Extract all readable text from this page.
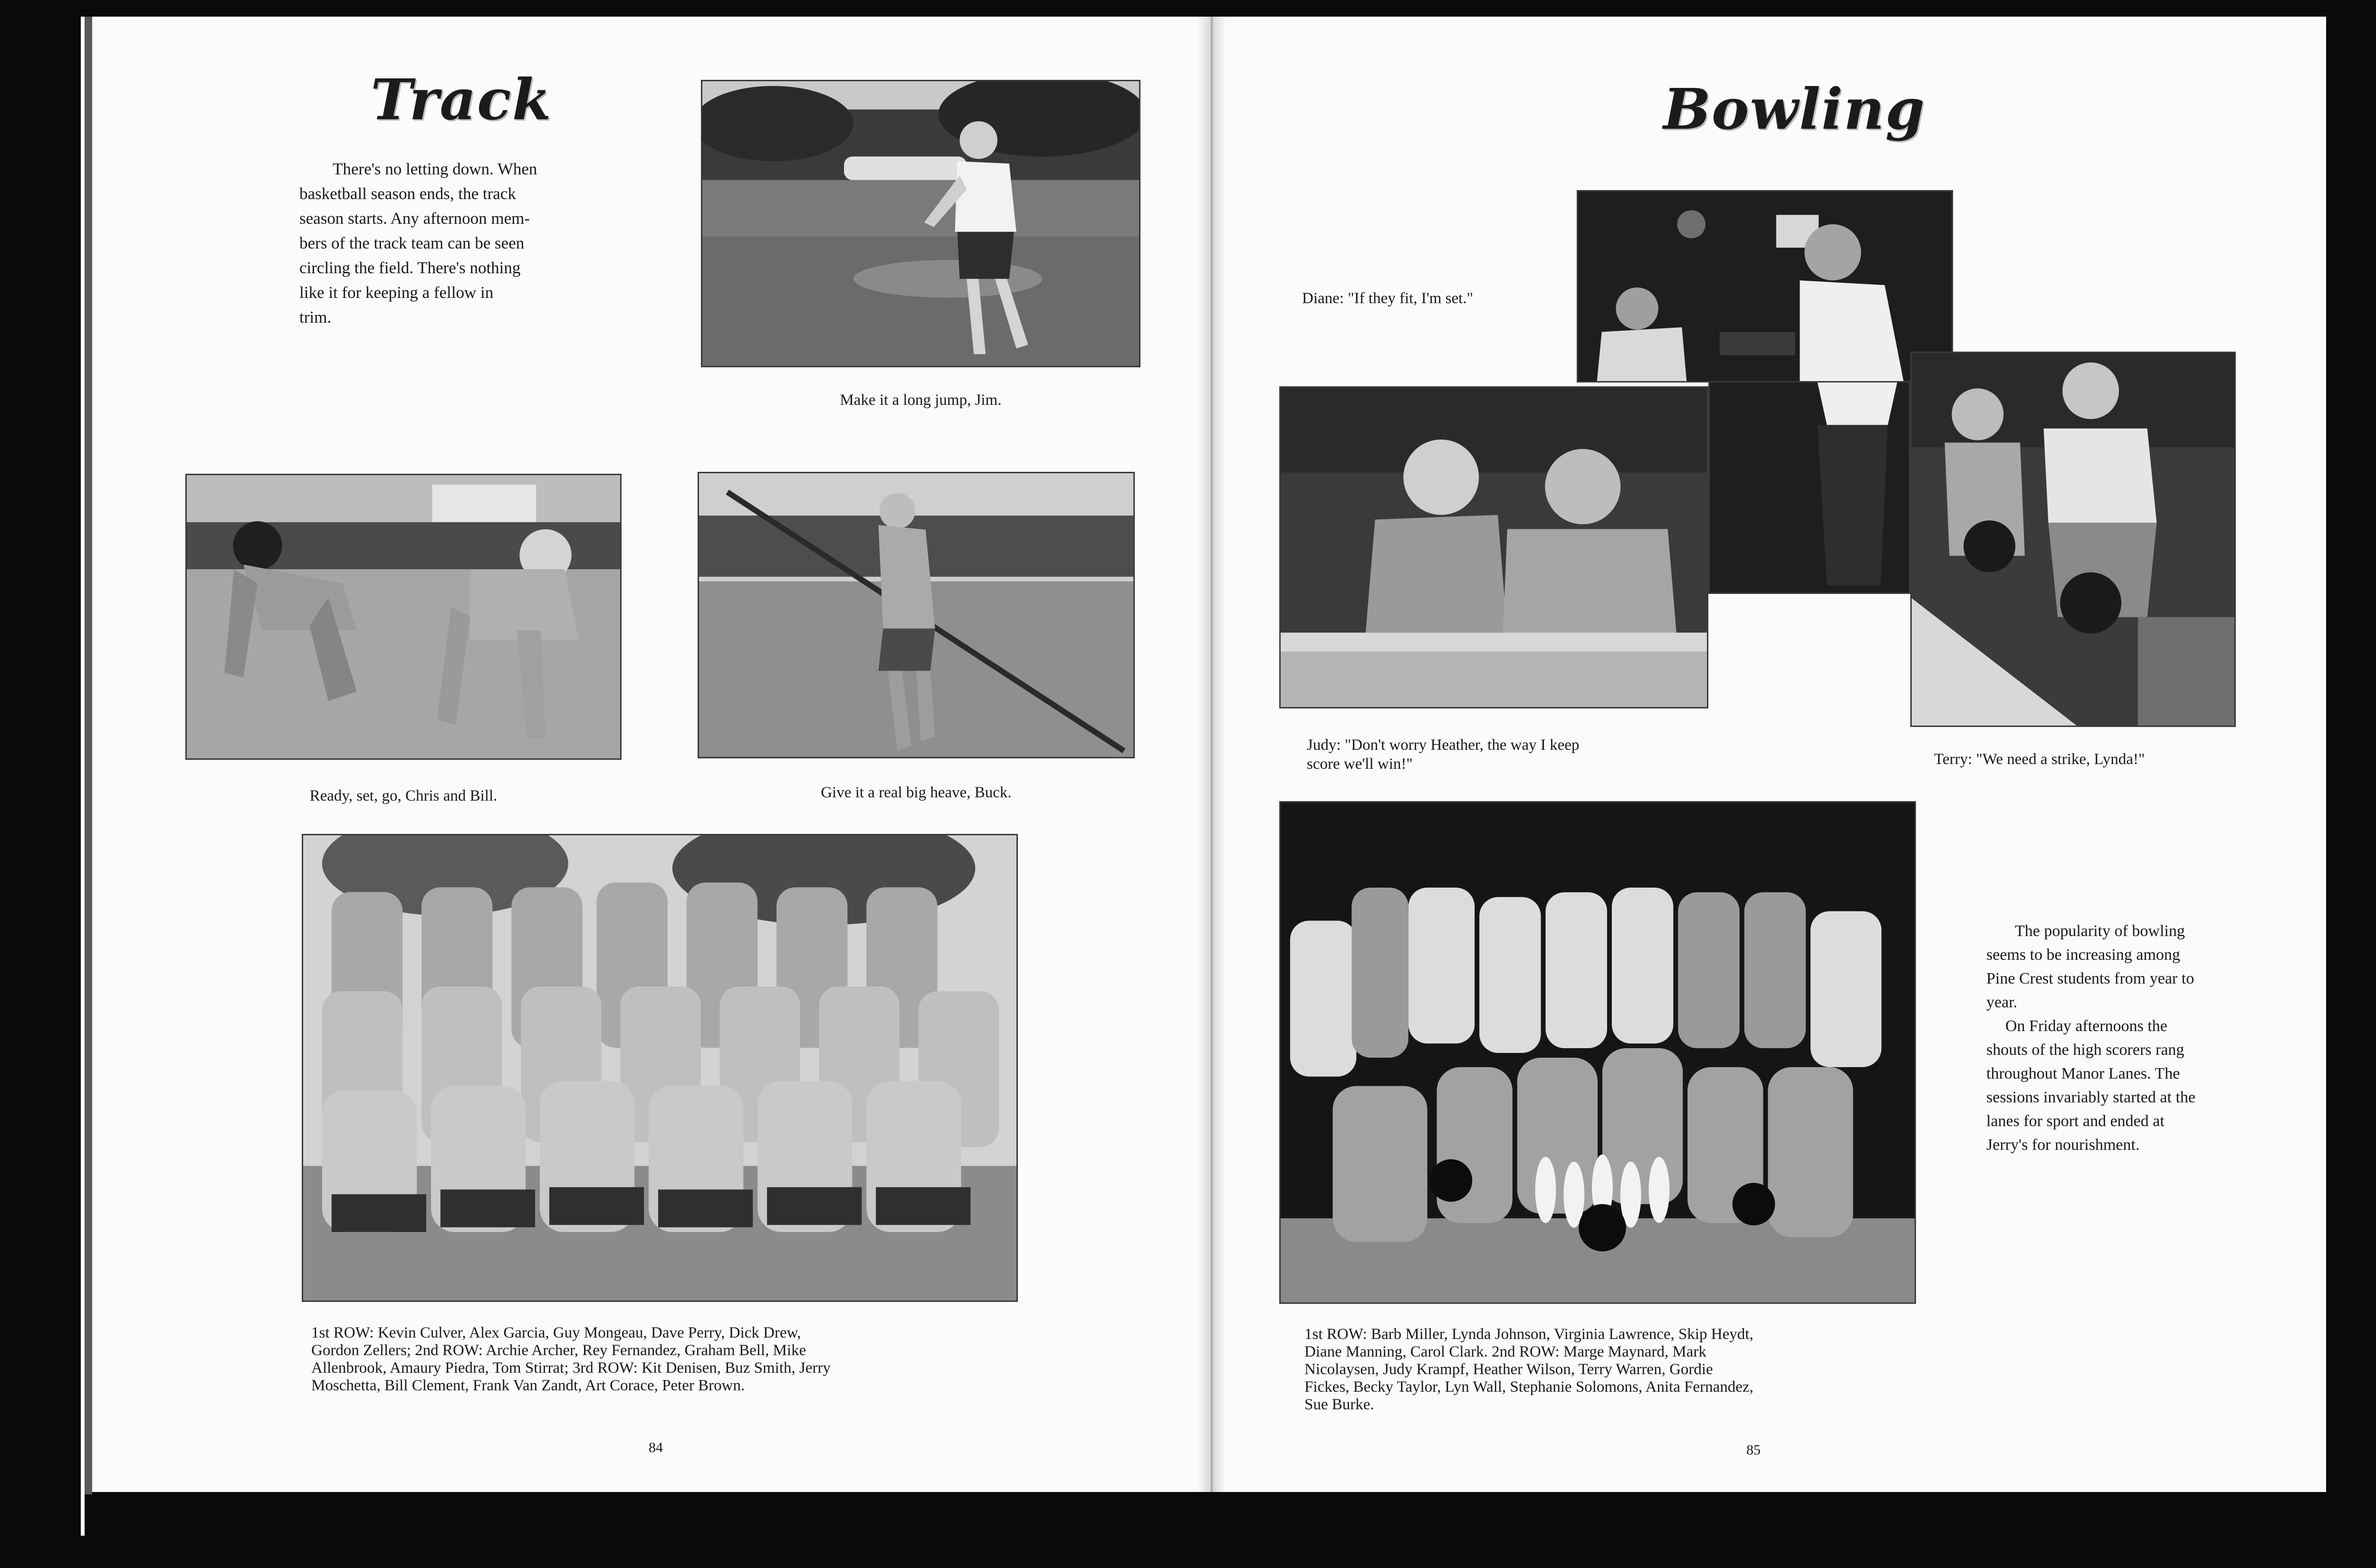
Track
There's no letting down. When
basketball season ends, the track
season starts. Any afternoon mem-
bers of the track team can be seen
circling the field. There's nothing
like it for keeping a fellow in
trim.
Make it a long jump, Jim.
Ready, set, go, Chris and Bill.	Give it a real big heave, Buck.
1st ROW: Kevin Culver, Alex Garcia, Guy Mongeau, Dave Perry, Dick Drew,
Gordon Zellers; 2nd ROW: Archie Archer, Rey Fernandez, Graham Bell, Mike
Allenbrook, Amaury Piedra, Tom Stirrat; 3rd ROW: Kit Denisen, Buz Smith, Jerry
Moschetta, Bill Clement, Frank Van Zandt, Art Corace, Peter Brown.
84
Bowling
Diane: "If they fit, I'm set."
Judy: "Don't worry Heather, the way I keep
score we'll win!"	Terry: "We need a strike, Lynda!"
The popularity of bowling
seems to be increasing among
Pine Crest students from year to
year.
On Friday afternoons the
shouts of the high scorers rang
throughout Manor Lanes. The
sessions invariably started at the
lanes for sport and ended at
Jerry's for nourishment.
1st ROW: Barb Miller, Lynda Johnson, Virginia Lawrence, Skip Heydt,
Diane Manning, Carol Clark. 2nd ROW: Marge Maynard, Mark
Nicolaysen, Judy Krampf, Heather Wilson, Terry Warren, Gordie
Fickes, Becky Taylor, Lyn Wall, Stephanie Solomons, Anita Fernandez,
Sue Burke.
85
